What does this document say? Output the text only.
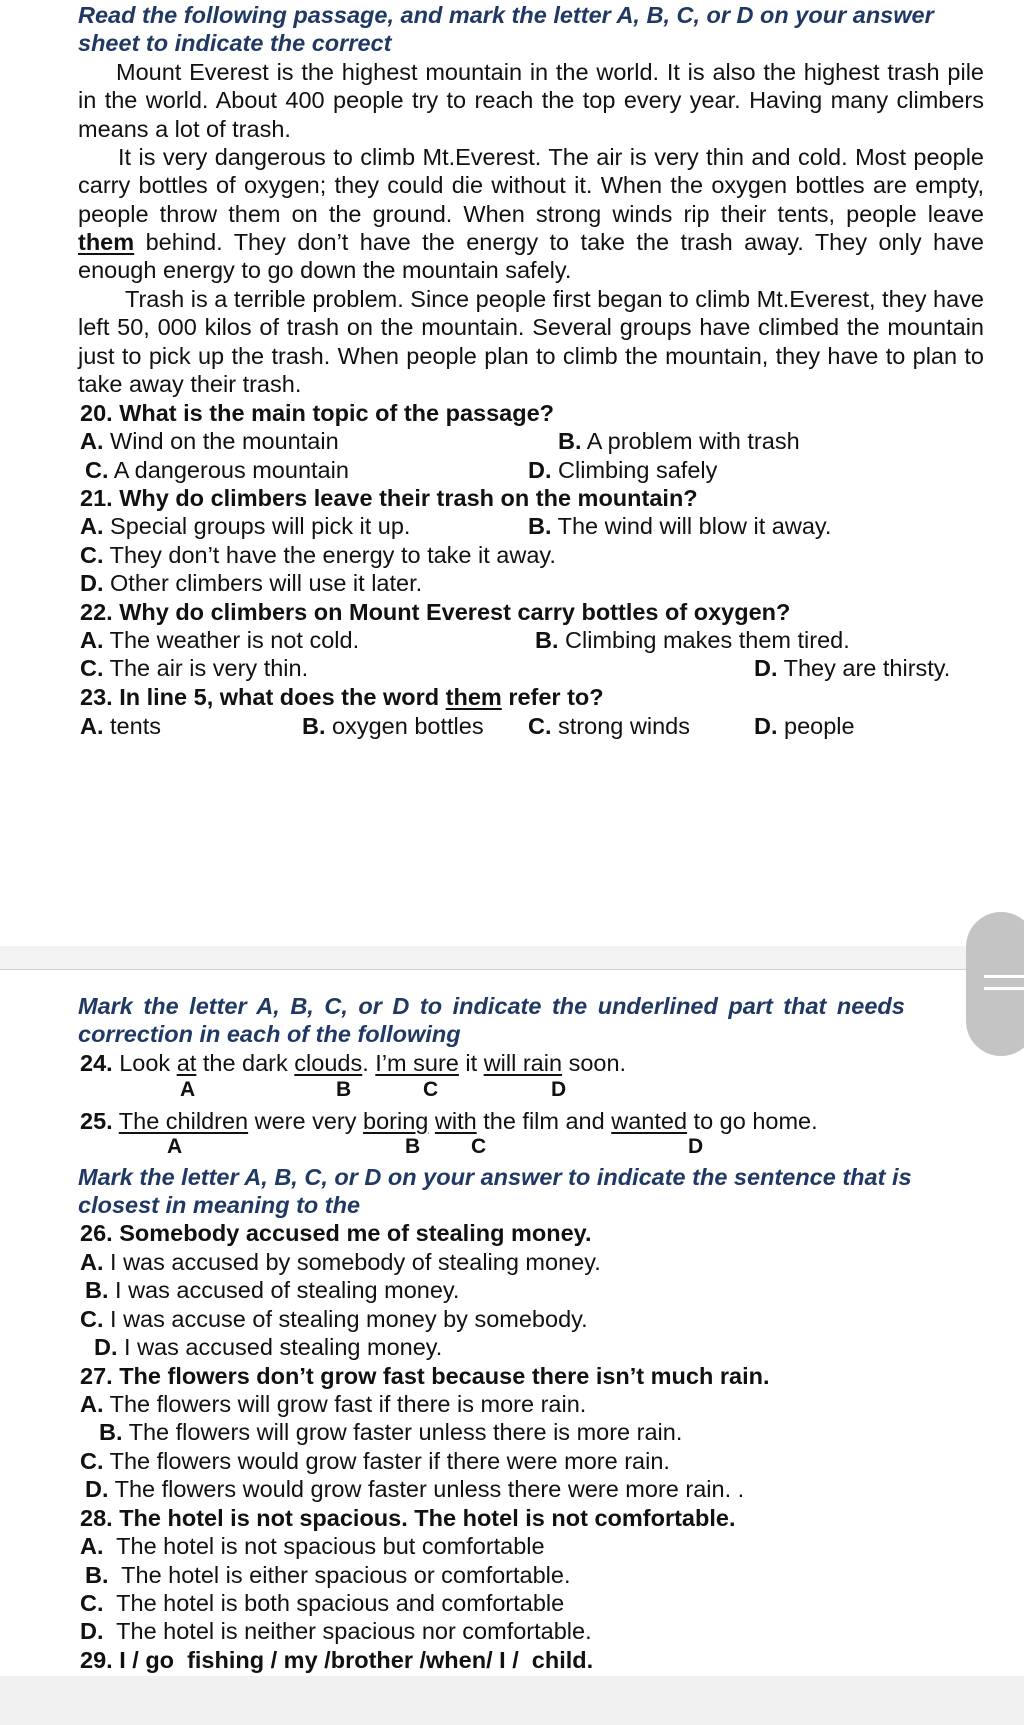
Read the following passage, and mark the letter A, B, C, or D on your answer
sheet to indicate the correct
Mount Everest is the highest mountain in the world. It is also the highest trash pile in the world. About 400 people try to reach the top every year. Having many climbers means a lot of trash.
It is very dangerous to climb Mt.Everest. The air is very thin and cold. Most people carry bottles of oxygen; they could die without it. When the oxygen bottles are empty, people throw them on the ground. When strong winds rip their tents, people leave them behind. They don’t have the energy to take the trash away. They only have enough energy to go down the mountain safely.
Trash is a terrible problem. Since people first began to climb Mt.Everest, they have left 50, 000 kilos of trash on the mountain. Several groups have climbed the mountain just to pick up the trash. When people plan to climb the mountain, they have to plan to take away their trash.
20. What is the main topic of the passage?
A. Wind on the mountain	B. A problem with trash
C. A dangerous mountain	D. Climbing safely
21. Why do climbers leave their trash on the mountain?
A. Special groups will pick it up.	B. The wind will blow it away.
C. They don’t have the energy to take it away.
D. Other climbers will use it later.
22. Why do climbers on Mount Everest carry bottles of oxygen?
A. The weather is not cold.	B. Climbing makes them tired.
C. The air is very thin.	D. They are thirsty.
23. In line 5, what does the word them refer to?
A. tents	B. oxygen bottles C. strong winds	D. people
Mark the letter A, B, C, or D to indicate the underlined part that needs
correction in each of the following
24. Look at the dark clouds. I’m sure it will rain soon.
A	B	C	D
25. The children were very boring with the film and wanted to go home.
A	B C	D
Mark the letter A, B, C, or D on your answer to indicate the sentence that is
closest in meaning to the
26. Somebody accused me of stealing money.
A. I was accused by somebody of stealing money.
B. I was accused of stealing money.
C. I was accuse of stealing money by somebody.
D. I was accused stealing money.
27. The flowers don’t grow fast because there isn’t much rain.
A. The flowers will grow fast if there is more rain.
B. The flowers will grow faster unless there is more rain.
C. The flowers would grow faster if there were more rain.
D. The flowers would grow faster unless there were more rain. .
28. The hotel is not spacious. The hotel is not comfortable.
A. The hotel is not spacious but comfortable
B. The hotel is either spacious or comfortable.
C. The hotel is both spacious and comfortable
D. The hotel is neither spacious nor comfortable.
29. I / go  fishing / my /brother /when/ I /  child.
